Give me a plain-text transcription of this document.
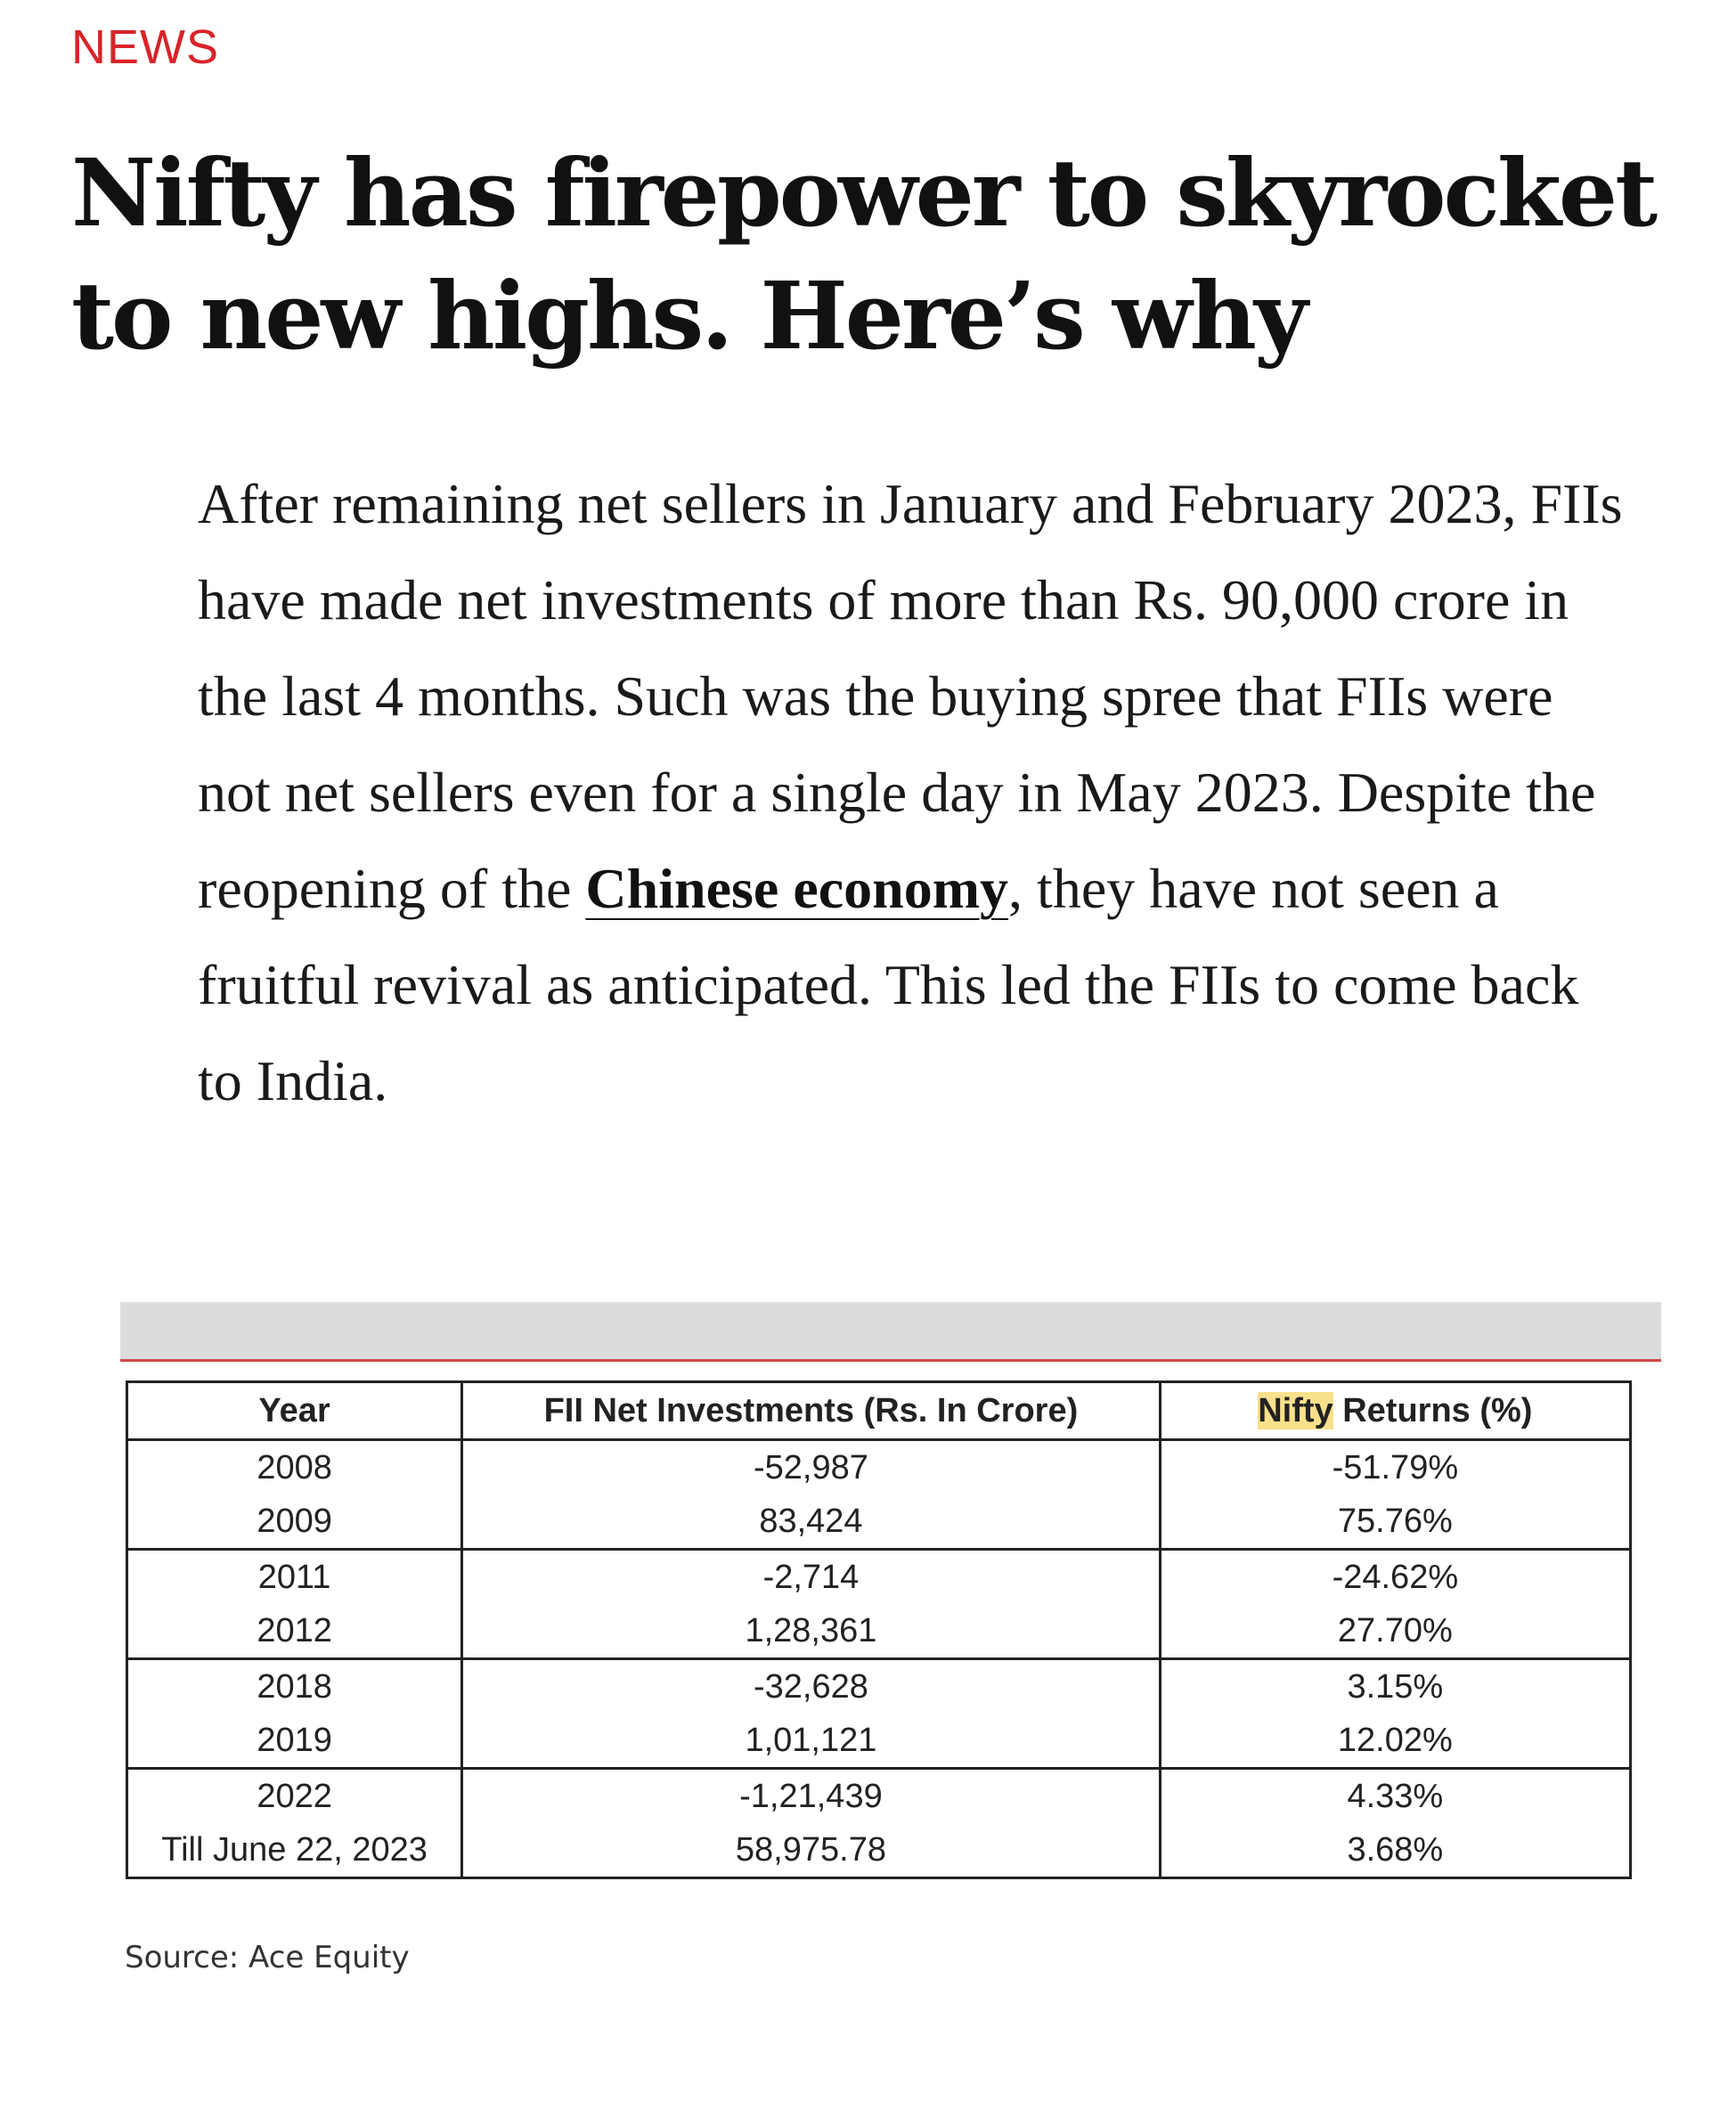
NEWS
Nifty has firepower to skyrocket to new highs. Here’s why

After remaining net sellers in January and February 2023, FIIs have made net investments of more than Rs. 90,000 crore in the last 4 months. Such was the buying spree that FIIs were not net sellers even for a single day in May 2023. Despite the reopening of the Chinese economy, they have not seen a fruitful revival as anticipated. This led the FIIs to come back to India.

Year	FII Net Investments (Rs. In Crore)	Nifty Returns (%)
2008	-52,987	-51.79%
2009	83,424	75.76%
2011	-2,714	-24.62%
2012	1,28,361	27.70%
2018	-32,628	3.15%
2019	1,01,121	12.02%
2022	-1,21,439	4.33%
Till June 22, 2023	58,975.78	3.68%
Source: Ace Equity
